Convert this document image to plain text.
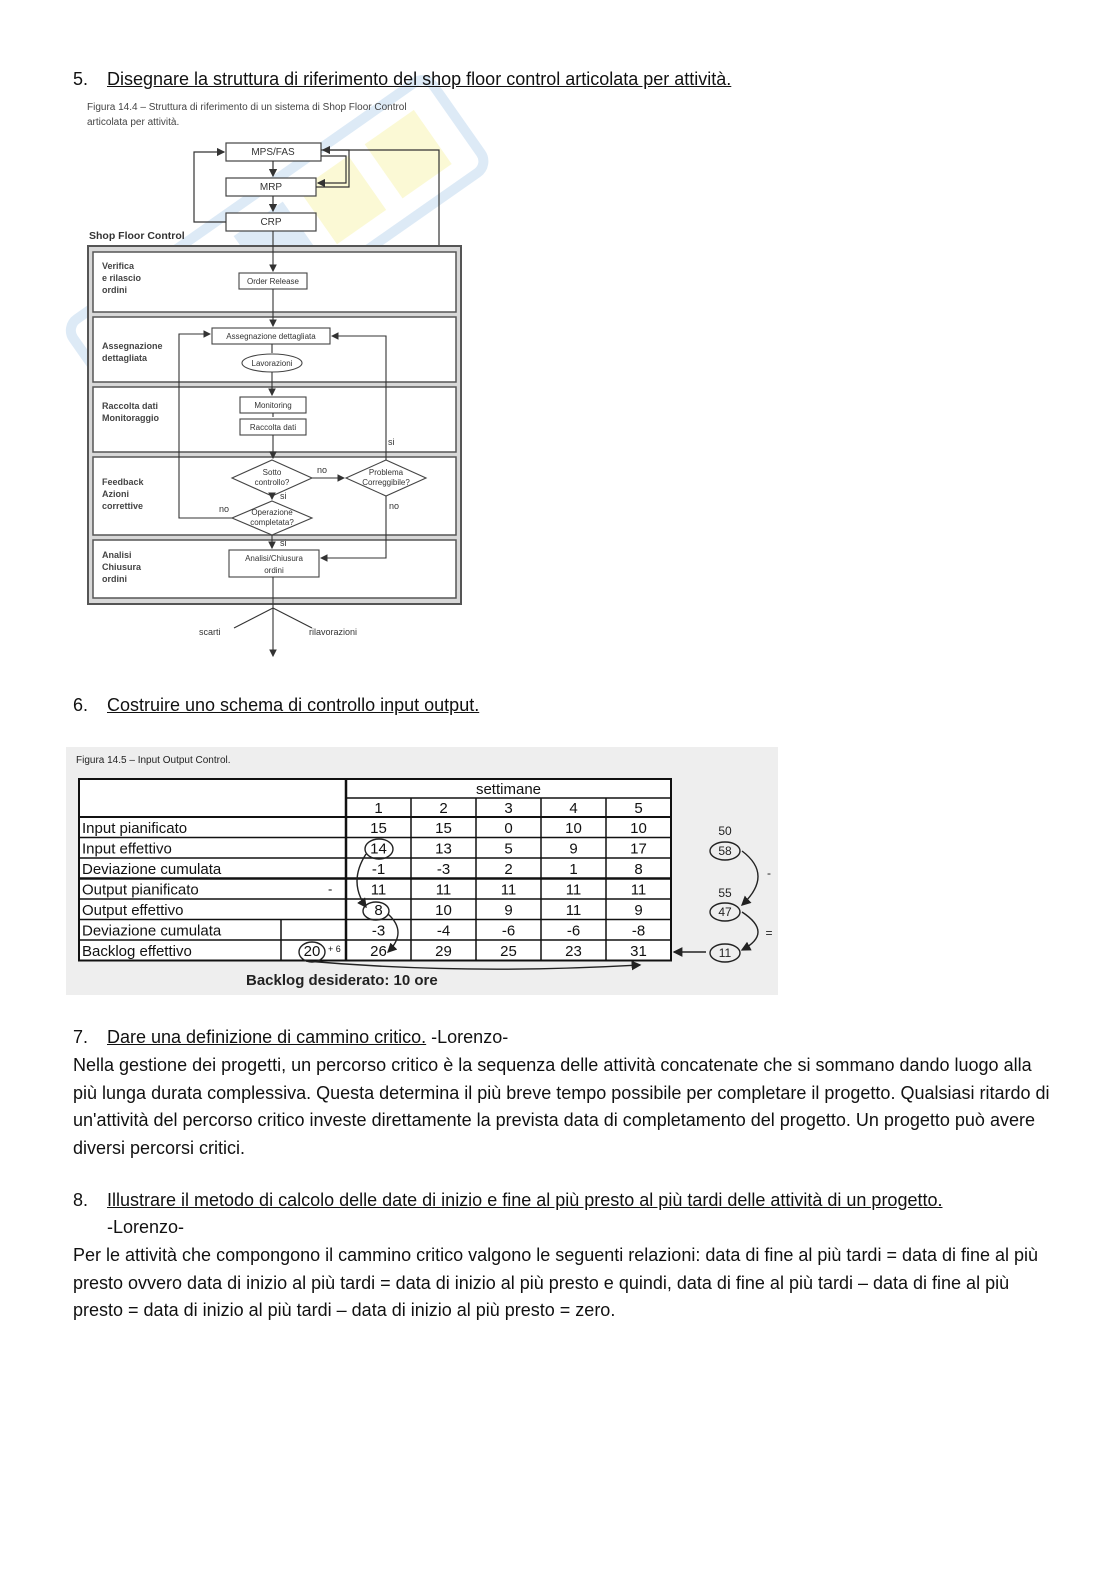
5. Disegnare la struttura di riferimento del shop floor control articolata per attività.
Figura 14.4 – Struttura di riferimento di un sistema di Shop Floor Control
articolata per attività.
MPS/FAS
MRP
CRP
Shop Floor Control
Verifica
e rilascio
ordini
Assegnazione
dettagliata
Raccolta dati
Monitoraggio
Feedback
Azioni
correttive
Analisi
Chiusura
ordini
Order Release
Assegnazione dettagliata
Lavorazioni
Monitoring
Raccolta dati
Sotto
controllo?
Problema
Correggibile?
Operazione
completata?
Analisi/Chiusura
ordini
si
no
si
no
no
si
scarti	rilavorazioni
6. Costruire uno schema di controllo input output.
Figura 14.5 – Input Output Control.
settimane
1	2	3	4	5
Input pianificato	15	15	0	10	10
Input effettivo	14	13	5	9	17
Deviazione cumulata	-1	-3	2	1	8
Output pianificato	11	11	11	11	11
Output effettivo	8	10	9	11	9
Deviazione cumulata	-3	-4	-6	-6	-8
Backlog effettivo	26	29	25	23	31
-
20 + 6
50
58
55
47
11
-
=
Backlog desiderato: 10 ore
7. Dare una definizione di cammino critico. -Lorenzo-
Nella gestione dei progetti, un percorso critico è la sequenza delle attività concatenate che si sommano dando luogo alla più lunga durata complessiva. Questa determina il più breve tempo possibile per completare il progetto. Qualsiasi ritardo di un'attività del percorso critico investe direttamente la prevista data di completamento del progetto. Un progetto può avere diversi percorsi critici.
8. Illustrare il metodo di calcolo delle date di inizio e fine al più presto al più tardi delle attività di un progetto.
-Lorenzo-
Per le attività che compongono il cammino critico valgono le seguenti relazioni: data di fine al più tardi = data di fine al più presto ovvero data di inizio al più tardi = data di inizio al più presto e quindi, data di fine al più tardi – data di fine al più presto = data di inizio al più tardi – data di inizio al più presto = zero.
